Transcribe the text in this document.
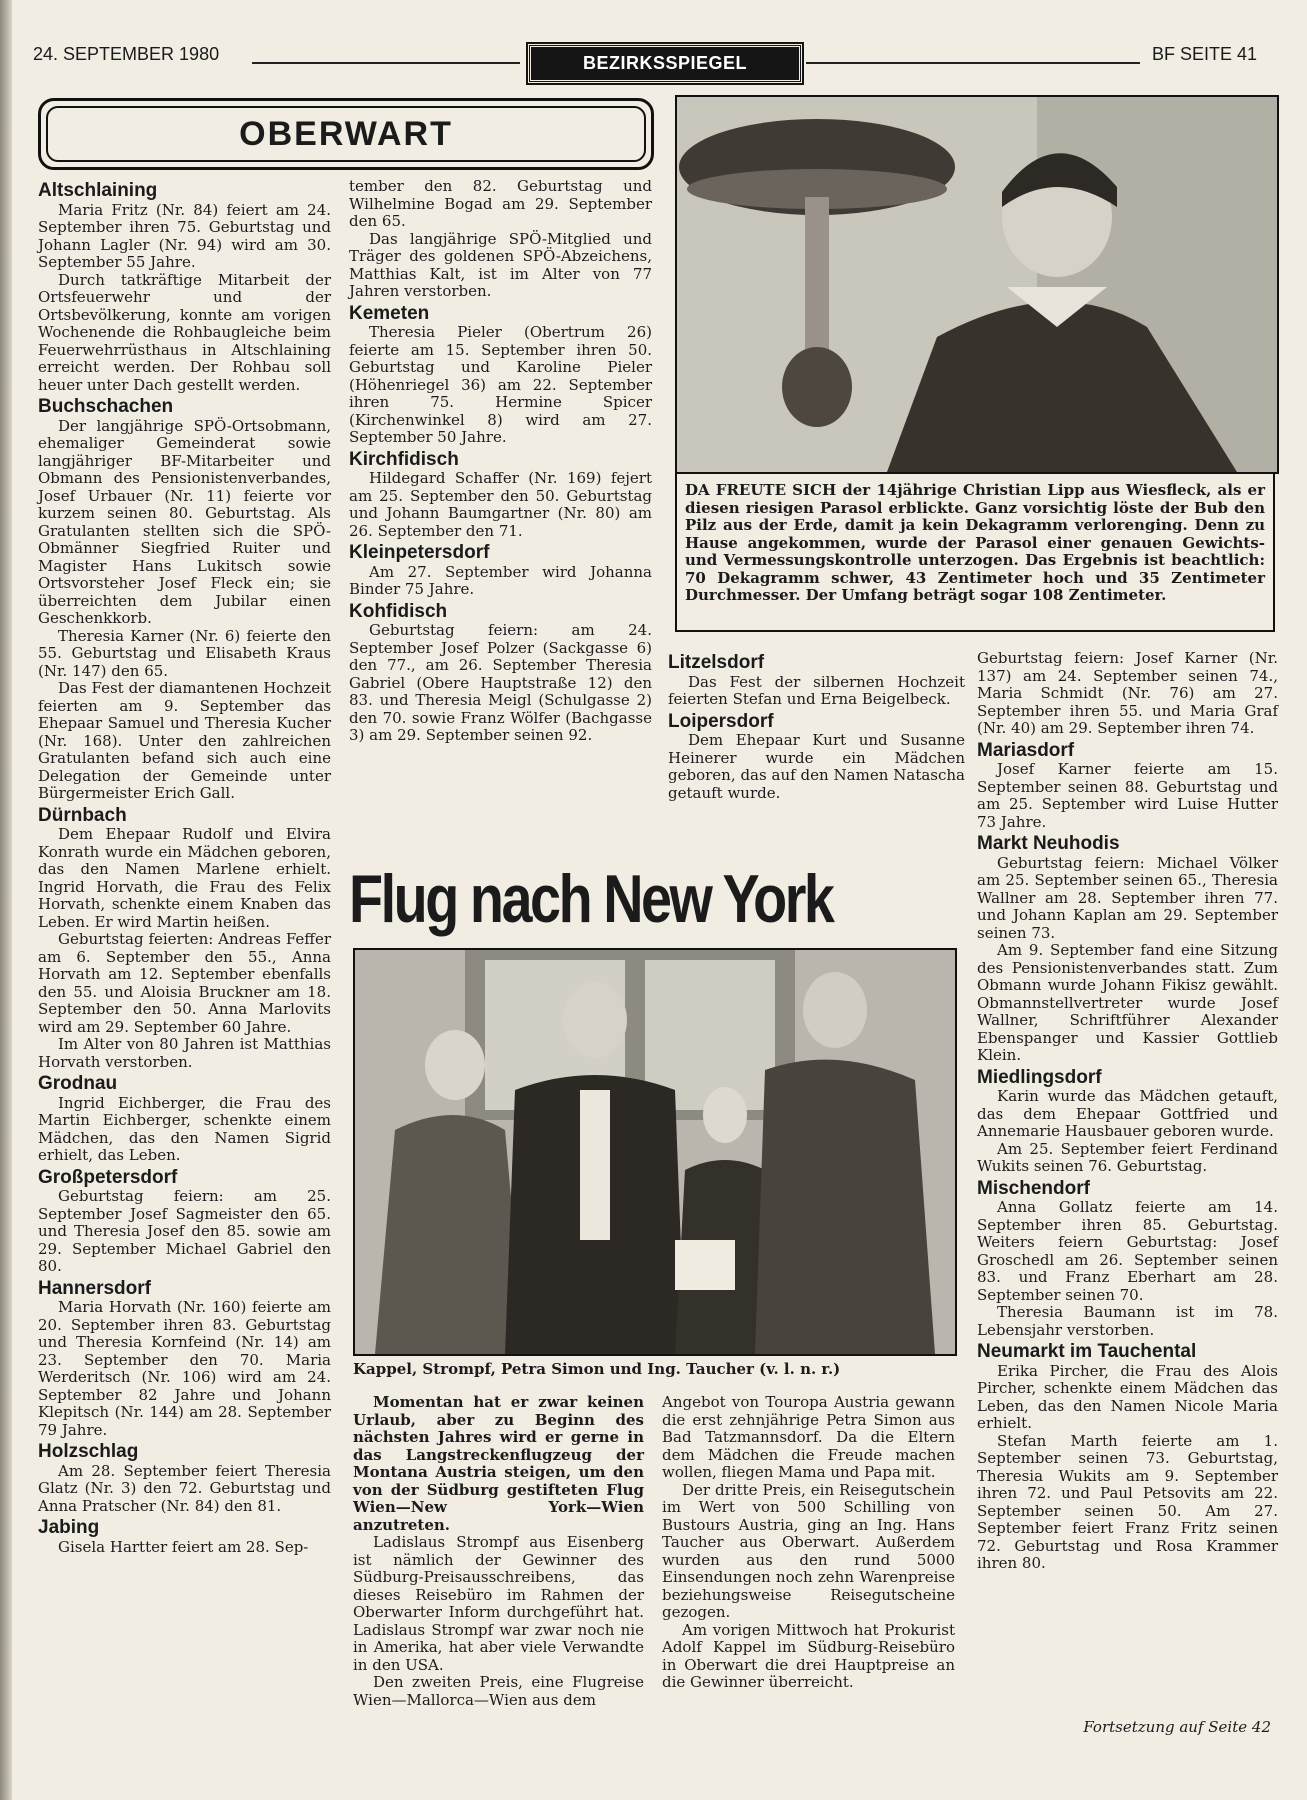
24. SEPTEMBER 1980	BEZIRKSSPIEGEL	BF SEITE 41
OBERWART
Altschlaining

Maria Fritz (Nr. 84) feiert am 24. September ihren 75. Geburtstag und Johann Lagler (Nr. 94) wird am 30. September 55 Jahre.

Durch tatkräftige Mitarbeit der Ortsfeuerwehr und der Ortsbevölkerung, konnte am vorigen Wochenende die Rohbaugleiche beim Feuerwehrrüsthaus in Altschlaining erreicht werden. Der Rohbau soll heuer unter Dach gestellt werden.

Buchschachen

Der langjährige SPÖ-Ortsobmann, ehemaliger Gemeinderat sowie langjähriger BF-Mitarbeiter und Obmann des Pensionistenverbandes, Josef Urbauer (Nr. 11) feierte vor kurzem seinen 80. Geburtstag. Als Gratulanten stellten sich die SPÖ-Obmänner Siegfried Ruiter und Magister Hans Lukitsch sowie Ortsvorsteher Josef Fleck ein; sie überreichten dem Jubilar einen Geschenkkorb.

Theresia Karner (Nr. 6) feierte den 55. Geburtstag und Elisabeth Kraus (Nr. 147) den 65.

Das Fest der diamantenen Hochzeit feierten am 9. September das Ehepaar Samuel und Theresia Kucher (Nr. 168). Unter den zahlreichen Gratulanten befand sich auch eine Delegation der Gemeinde unter Bürgermeister Erich Gall.

Dürnbach

Dem Ehepaar Rudolf und Elvira Konrath wurde ein Mädchen geboren, das den Namen Marlene erhielt. Ingrid Horvath, die Frau des Felix Horvath, schenkte einem Knaben das Leben. Er wird Martin heißen.

Geburtstag feierten: Andreas Feffer am 6. September den 55., Anna Horvath am 12. September ebenfalls den 55. und Aloisia Bruckner am 18. September den 50. Anna Marlovits wird am 29. September 60 Jahre.

Im Alter von 80 Jahren ist Matthias Horvath verstorben.

Grodnau

Ingrid Eichberger, die Frau des Martin Eichberger, schenkte einem Mädchen, das den Namen Sigrid erhielt, das Leben.

Großpetersdorf

Geburtstag feiern: am 25. September Josef Sagmeister den 65. und Theresia Josef den 85. sowie am 29. September Michael Gabriel den 80.

Hannersdorf

Maria Horvath (Nr. 160) feierte am 20. September ihren 83. Geburtstag und Theresia Kornfeind (Nr. 14) am 23. September den 70. Maria Werderitsch (Nr. 106) wird am 24. September 82 Jahre und Johann Klepitsch (Nr. 144) am 28. September 79 Jahre.

Holzschlag

Am 28. September feiert Theresia Glatz (Nr. 3) den 72. Geburtstag und Anna Pratscher (Nr. 84) den 81.

Jabing

Gisela Hartter feiert am 28. Sep-

tember den 82. Geburtstag und Wilhelmine Bogad am 29. September den 65.

Das langjährige SPÖ-Mitglied und Träger des goldenen SPÖ-Abzeichens, Matthias Kalt, ist im Alter von 77 Jahren verstorben.

Kemeten

Theresia Pieler (Obertrum 26) feierte am 15. September ihren 50. Geburtstag und Karoline Pieler (Höhenriegel 36) am 22. September ihren 75. Hermine Spicer (Kirchenwinkel 8) wird am 27. September 50 Jahre.

Kirchfidisch

Hildegard Schaffer (Nr. 169) fejert am 25. September den 50. Geburtstag und Johann Baumgartner (Nr. 80) am 26. September den 71.

Kleinpetersdorf

Am 27. September wird Johanna Binder 75 Jahre.

Kohfidisch

Geburtstag feiern: am 24. September Josef Polzer (Sackgasse 6) den 77., am 26. September Theresia Gabriel (Obere Hauptstraße 12) den 83. und Theresia Meigl (Schulgasse 2) den 70. sowie Franz Wölfer (Bachgasse 3) am 29. September seinen 92.

DA FREUTE SICH der 14jährige Christian Lipp aus Wiesfleck, als er diesen riesigen Parasol erblickte. Ganz vorsichtig löste der Bub den Pilz aus der Erde, damit ja kein Dekagramm verlorenging. Denn zu Hause angekommen, wurde der Parasol einer genauen Gewichts- und Vermessungskontrolle unterzogen. Das Ergebnis ist beachtlich: 70 Dekagramm schwer, 43 Zentimeter hoch und 35 Zentimeter Durchmesser. Der Umfang beträgt sogar 108 Zentimeter.
Litzelsdorf

Das Fest der silbernen Hochzeit feierten Stefan und Erna Beigelbeck.

Loipersdorf

Dem Ehepaar Kurt und Susanne Heinerer wurde ein Mädchen geboren, das auf den Namen Natascha getauft wurde.

Flug nach New York
Kappel, Strompf, Petra Simon und Ing. Taucher (v. l. n. r.)

Momentan hat er zwar keinen Urlaub, aber zu Beginn des nächsten Jahres wird er gerne in das Langstreckenflugzeug der Montana Austria steigen, um den von der Südburg gestifteten Flug Wien—New York—Wien anzutreten.

Ladislaus Strompf aus Eisenberg ist nämlich der Gewinner des Südburg-Preisausschreibens, das dieses Reisebüro im Rahmen der Oberwarter Inform durchgeführt hat. Ladislaus Strompf war zwar noch nie in Amerika, hat aber viele Verwandte in den USA.

Den zweiten Preis, eine Flugreise Wien—Mallorca—Wien aus dem

Angebot von Touropa Austria gewann die erst zehnjährige Petra Simon aus Bad Tatzmannsdorf. Da die Eltern dem Mädchen die Freude machen wollen, fliegen Mama und Papa mit.

Der dritte Preis, ein Reisegutschein im Wert von 500 Schilling von Bustours Austria, ging an Ing. Hans Taucher aus Oberwart. Außerdem wurden aus den rund 5000 Einsendungen noch zehn Warenpreise beziehungsweise Reisegutscheine gezogen.

Am vorigen Mittwoch hat Prokurist Adolf Kappel im Südburg-Reisebüro in Oberwart die drei Hauptpreise an die Gewinner überreicht.

Geburtstag feiern: Josef Karner (Nr. 137) am 24. September seinen 74., Maria Schmidt (Nr. 76) am 27. September ihren 55. und Maria Graf (Nr. 40) am 29. September ihren 74.

Mariasdorf

Josef Karner feierte am 15. September seinen 88. Geburtstag und am 25. September wird Luise Hutter 73 Jahre.

Markt Neuhodis

Geburtstag feiern: Michael Völker am 25. September seinen 65., Theresia Wallner am 28. September ihren 77. und Johann Kaplan am 29. September seinen 73.

Am 9. September fand eine Sitzung des Pensionistenverbandes statt. Zum Obmann wurde Johann Fikisz gewählt. Obmannstellvertreter wurde Josef Wallner, Schriftführer Alexander Ebenspanger und Kassier Gottlieb Klein.

Miedlingsdorf

Karin wurde das Mädchen getauft, das dem Ehepaar Gottfried und Annemarie Hausbauer geboren wurde.

Am 25. September feiert Ferdinand Wukits seinen 76. Geburtstag.

Mischendorf

Anna Gollatz feierte am 14. September ihren 85. Geburtstag. Weiters feiern Geburtstag: Josef Groschedl am 26. September seinen 83. und Franz Eberhart am 28. September seinen 70.

Theresia Baumann ist im 78. Lebensjahr verstorben.

Neumarkt im Tauchental

Erika Pircher, die Frau des Alois Pircher, schenkte einem Mädchen das Leben, das den Namen Nicole Maria erhielt.

Stefan Marth feierte am 1. September seinen 73. Geburtstag, Theresia Wukits am 9. September ihren 72. und Paul Petsovits am 22. September seinen 50. Am 27. September feiert Franz Fritz seinen 72. Geburtstag und Rosa Krammer ihren 80.

Fortsetzung auf Seite 42
